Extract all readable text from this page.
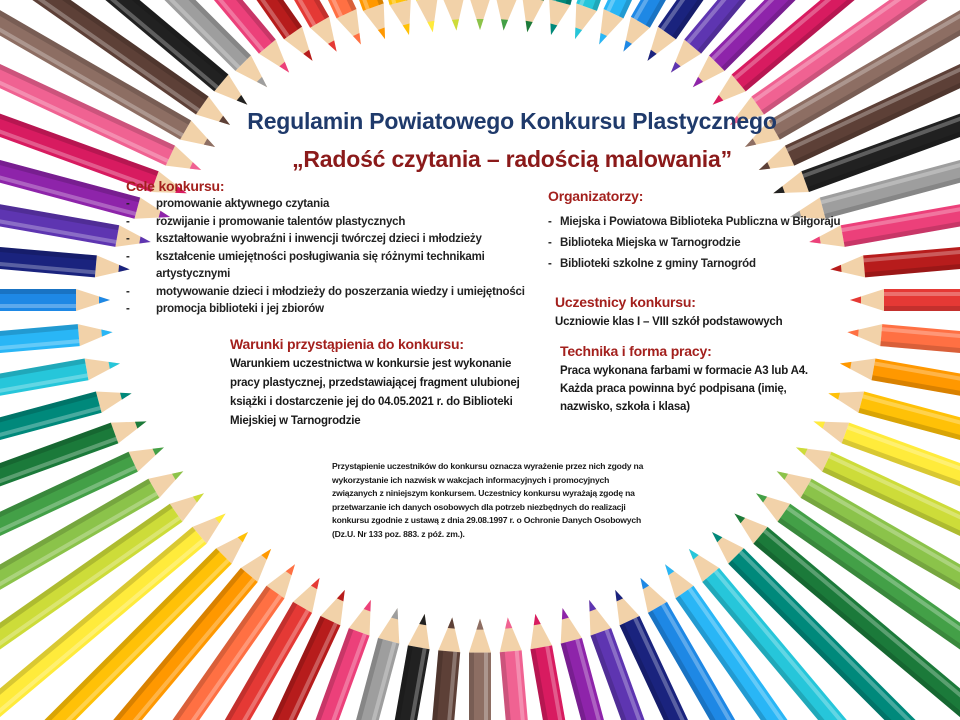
Regulamin Powiatowego Konkursu Plastycznego
„Radość czytania – radością malowania”
Cele konkursu:
- promowanie aktywnego czytania
- rozwijanie i promowanie talentów plastycznych
- kształtowanie wyobraźni i inwencji twórczej dzieci i młodzieży
- kształcenie umiejętności posługiwania się różnymi technikami artystycznymi
- motywowanie dzieci i młodzieży do poszerzania wiedzy i umiejętności
- promocja biblioteki i jej zbiorów
Organizatorzy:
- Miejska i Powiatowa Biblioteka Publiczna w Biłgoraju
- Biblioteka Miejska w Tarnogrodzie
- Biblioteki szkolne z gminy Tarnogród
Uczestnicy konkursu:
Uczniowie klas I – VIII szkół podstawowych
Warunki przystąpienia do konkursu:
Warunkiem uczestnictwa w konkursie jest wykonanie pracy plastycznej, przedstawiającej fragment ulubionej książki i dostarczenie jej do 04.05.2021 r. do Biblioteki Miejskiej w Tarnogrodzie
Technika i forma pracy:
Praca wykonana farbami w formacie A3 lub A4. Każda praca powinna być podpisana (imię, nazwisko, szkoła i klasa)
Przystąpienie uczestników do konkursu oznacza wyrażenie przez nich zgody na wykorzystanie ich nazwisk w wakcjach informacyjnych i promocyjnych związanych z niniejszym konkursem. Uczestnicy konkursu wyrażają zgodę na przetwarzanie ich danych osobowych dla potrzeb niezbędnych do realizacji konkursu zgodnie z ustawą z dnia 29.08.1997 r. o Ochronie Danych Osobowych (Dz.U. Nr 133 poz. 883. z póź. zm.).
